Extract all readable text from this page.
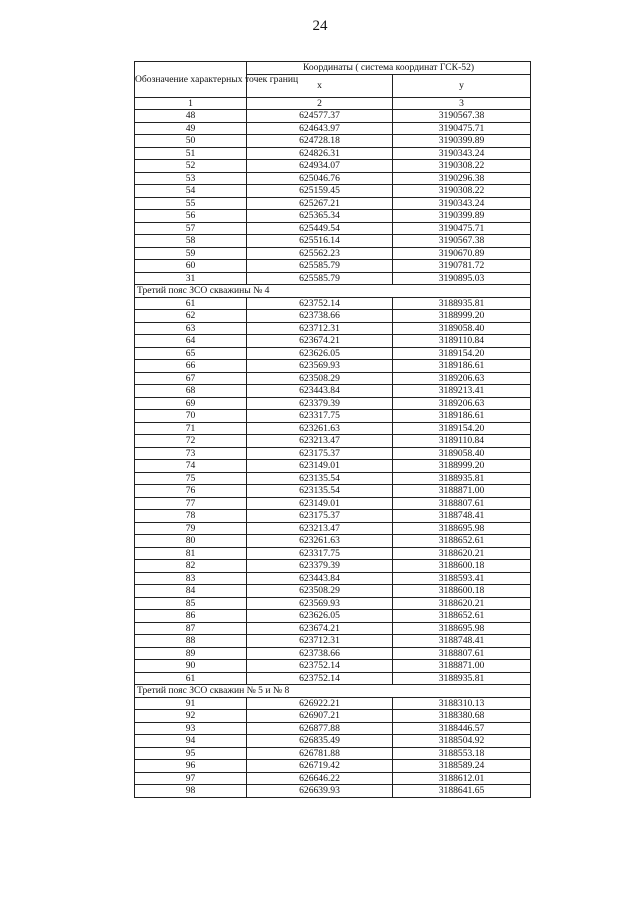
24
Обозначение характерных точек границ	Координаты ( система координат ГСК-52)	
	x	y
1	2	3
48	624577.37	3190567.38
49	624643.97	3190475.71
50	624728.18	3190399.89
51	624826.31	3190343.24
52	624934.07	3190308.22
53	625046.76	3190296.38
54	625159.45	3190308.22
55	625267.21	3190343.24
56	625365.34	3190399.89
57	625449.54	3190475.71
58	625516.14	3190567.38
59	625562.23	3190670.89
60	625585.79	3190781.72
31	625585.79	3190895.03
Третий пояс ЗСО скважины № 4		
61	623752.14	3188935.81
62	623738.66	3188999.20
63	623712.31	3189058.40
64	623674.21	3189110.84
65	623626.05	3189154.20
66	623569.93	3189186.61
67	623508.29	3189206.63
68	623443.84	3189213.41
69	623379.39	3189206.63
70	623317.75	3189186.61
71	623261.63	3189154.20
72	623213.47	3189110.84
73	623175.37	3189058.40
74	623149.01	3188999.20
75	623135.54	3188935.81
76	623135.54	3188871.00
77	623149.01	3188807.61
78	623175.37	3188748.41
79	623213.47	3188695.98
80	623261.63	3188652.61
81	623317.75	3188620.21
82	623379.39	3188600.18
83	623443.84	3188593.41
84	623508.29	3188600.18
85	623569.93	3188620.21
86	623626.05	3188652.61
87	623674.21	3188695.98
88	623712.31	3188748.41
89	623738.66	3188807.61
90	623752.14	3188871.00
61	623752.14	3188935.81
Третий пояс ЗСО скважин № 5 и № 8		
91	626922.21	3188310.13
92	626907.21	3188380.68
93	626877.88	3188446.57
94	626835.49	3188504.92
95	626781.88	3188553.18
96	626719.42	3188589.24
97	626646.22	3188612.01
98	626639.93	3188641.65
